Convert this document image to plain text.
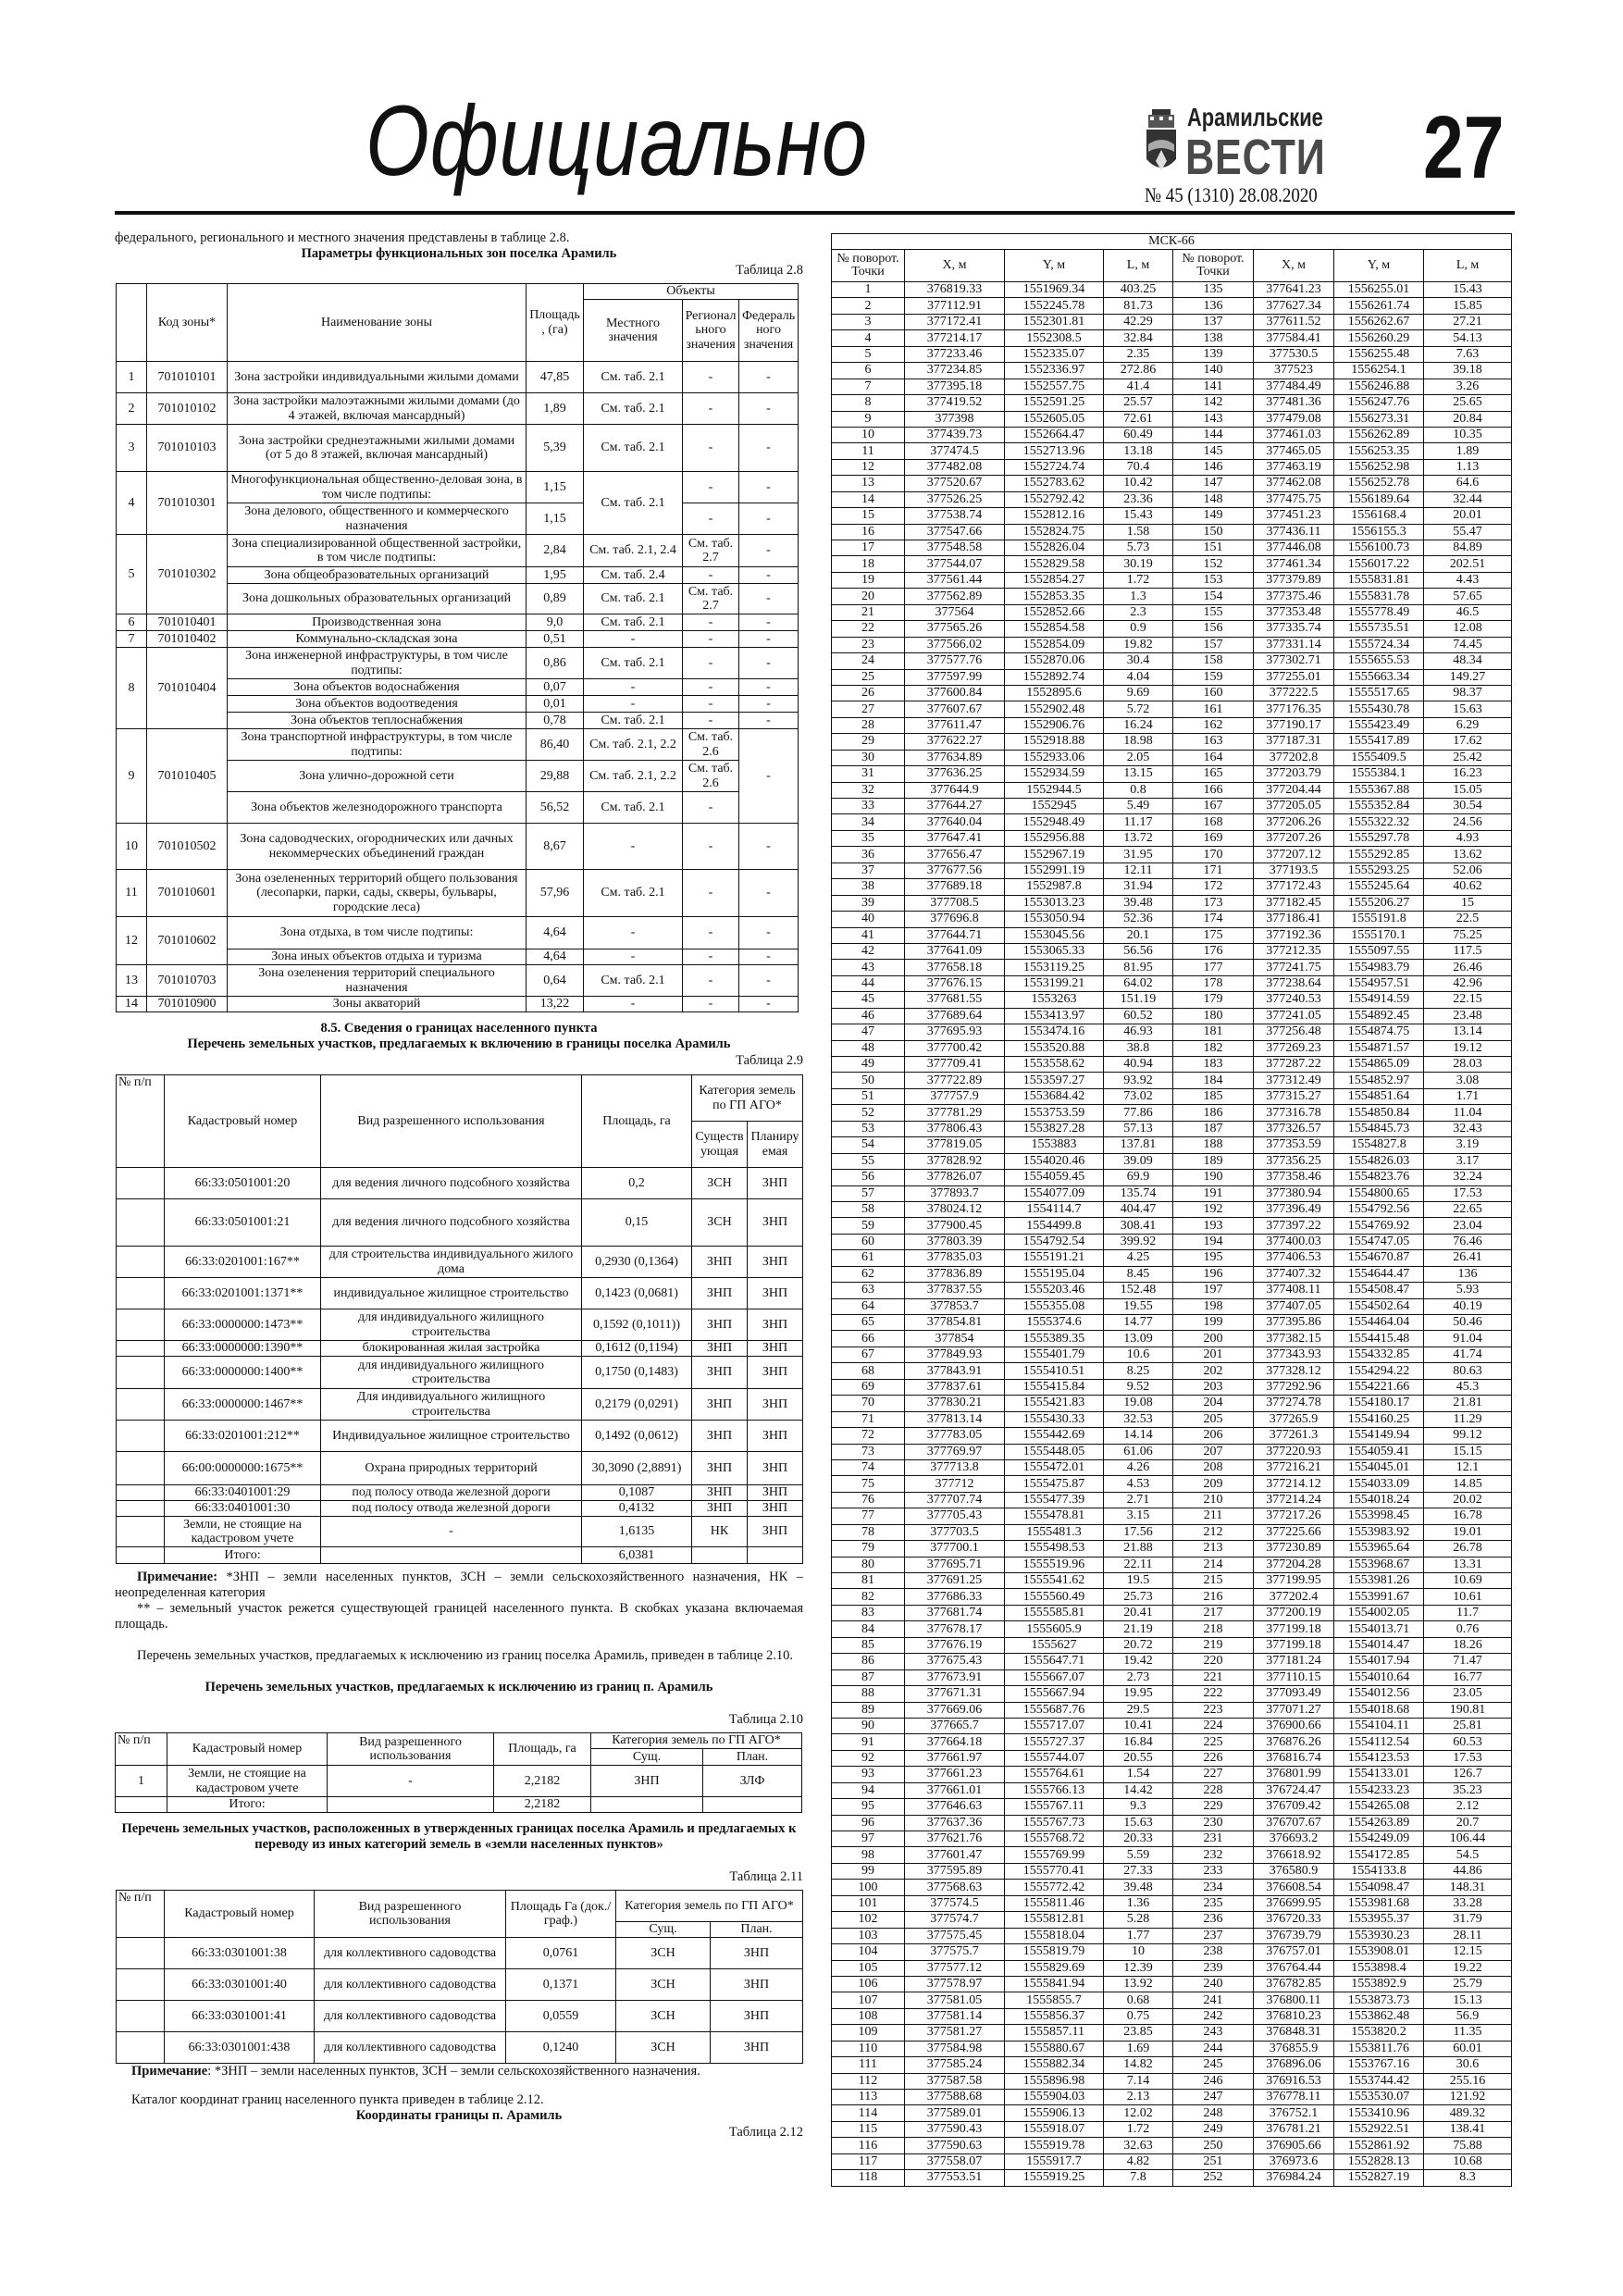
Официально	Арамильские
ВЕСТИ 27
№ 45 (1310) 28.08.2020
федерального, регионального и местного значения представлены в таблице 2.8.
Параметры функциональных зон поселка Арамиль
Таблица 2.8
	Код зоны*	Наименование зоны	Площадь, (га)	Объекты		
				Местного значения	Регионального значения	Федерального значения
1	701010101	Зона застройки индивидуальными жилыми домами	47,85	См. таб. 2.1	-	-
2	701010102	Зона застройки малоэтажными жилыми домами (до 4 этажей, включая мансардный)	1,89	См. таб. 2.1	-	-
3	701010103	Зона застройки среднеэтажными жилыми домами (от 5 до 8 этажей, включая мансардный)	5,39	См. таб. 2.1	-	-
4	701010301	Многофункциональная общественно-деловая зона, в том числе подтипы:	1,15	См. таб. 2.1	-	-
		Зона делового, общественного и коммерческого назначения	1,15		-	-
5	701010302	Зона специализированной общественной застройки, в том числе подтипы:	2,84	См. таб. 2.1, 2.4	См. таб. 2.7	-
		Зона общеобразовательных организаций	1,95	См. таб. 2.4	-	-
		Зона дошкольных образовательных организаций	0,89	См. таб. 2.1	См. таб. 2.7	-
6	701010401	Производственная зона	9,0	См. таб. 2.1	-	-
7	701010402	Коммунально-складская зона	0,51	-	-	-
8	701010404	Зона инженерной инфраструктуры, в том числе подтипы:	0,86	См. таб. 2.1	-	-
		Зона объектов водоснабжения	0,07	-	-	-
		Зона объектов водоотведения	0,01	-	-	-
		Зона объектов теплоснабжения	0,78	См. таб. 2.1	-	-
9	701010405	Зона транспортной инфраструктуры, в том числе подтипы:	86,40	См. таб. 2.1, 2.2	См. таб. 2.6	-
		Зона улично-дорожной сети	29,88	См. таб. 2.1, 2.2	См. таб. 2.6	
		Зона объектов железнодорожного транспорта	56,52	См. таб. 2.1	-	
10	701010502	Зона садоводческих, огороднических или дачных некоммерческих объединений граждан	8,67	-	-	-
11	701010601	Зона озелененных территорий общего пользования (лесопарки, парки, сады, скверы, бульвары, городские леса)	57,96	См. таб. 2.1	-	-
12	701010602	Зона отдыха, в том числе подтипы:	4,64	-	-	-
		Зона иных объектов отдыха и туризма	4,64	-	-	-
13	701010703	Зона озеленения территорий специального назначения	0,64	См. таб. 2.1	-	-
14	701010900	Зоны акваторий	13,22	-	-	-
8.5. Сведения о границах населенного пункта
Перечень земельных участков, предлагаемых к включению в границы поселка Арамиль
Таблица 2.9
№ п/п	Кадастровый номер	Вид разрешенного использования	Площадь, га	Категория земель по ГП АГО*	
				Существующая	Планируемая
	66:33:0501001:20	для ведения личного подсобного хозяйства	0,2	ЗСН	ЗНП
	66:33:0501001:21	для ведения личного подсобного хозяйства	0,15	ЗСН	ЗНП
	66:33:0201001:167**	для строительства индивидуального жилого дома	0,2930 (0,1364)	ЗНП	ЗНП
	66:33:0201001:1371**	индивидуальное жилищное строительство	0,1423 (0,0681)	ЗНП	ЗНП
	66:33:0000000:1473**	для индивидуального жилищного строительства	0,1592 (0,1011))	ЗНП	ЗНП
	66:33:0000000:1390**	блокированная жилая застройка	0,1612 (0,1194)	ЗНП	ЗНП
	66:33:0000000:1400**	для индивидуального жилищного строительства	0,1750 (0,1483)	ЗНП	ЗНП
	66:33:0000000:1467**	Для индивидуального жилищного строительства	0,2179 (0,0291)	ЗНП	ЗНП
	66:33:0201001:212**	Индивидуальное жилищное строительство	0,1492 (0,0612)	ЗНП	ЗНП
	66:00:0000000:1675**	Охрана природных территорий	30,3090 (2,8891)	ЗНП	ЗНП
	66:33:0401001:29	под полосу отвода железной дороги	0,1087	ЗНП	ЗНП
	66:33:0401001:30	под полосу отвода железной дороги	0,4132	ЗНП	ЗНП
	Земли, не стоящие на кадастровом учете	-	1,6135	НК	ЗНП
	Итого:		6,0381		
Примечание: *ЗНП – земли населенных пунктов, ЗСН – земли сельскохозяйственного назначения, НК – неопределенная категория
** – земельный участок режется существующей границей населенного пункта. В скобках указана включаемая площадь.
Перечень земельных участков, предлагаемых к исключению из границ поселка Арамиль, приведен в таблице 2.10.
Перечень земельных участков, предлагаемых к исключению из границ п. Арамиль
Таблица 2.10
№ п/п	Кадастровый номер	Вид разрешенного использования	Площадь, га	Категория земель по ГП АГО*	
				Сущ.	План.
1	Земли, не стоящие на кадастровом учете	-	2,2182	ЗНП	ЗЛФ
	Итого:		2,2182		
Перечень земельных участков, расположенных в утвержденных границах поселка Арамиль и предлагаемых к переводу из иных категорий земель в «земли населенных пунктов»
Таблица 2.11
№ п/п	Кадастровый номер	Вид разрешенного использования	Площадь Га (док./граф.)	Категория земель по ГП АГО*	
				Сущ.	План.
	66:33:0301001:38	для коллективного садоводства	0,0761	ЗСН	ЗНП
	66:33:0301001:40	для коллективного садоводства	0,1371	ЗСН	ЗНП
	66:33:0301001:41	для коллективного садоводства	0,0559	ЗСН	ЗНП
	66:33:0301001:438	для коллективного садоводства	0,1240	ЗСН	ЗНП
Примечание: *ЗНП – земли населенных пунктов, ЗСН – земли сельскохозяйственного назначения.
Каталог координат границ населенного пункта приведен в таблице 2.12.
Координаты границы п. Арамиль
Таблица 2.12
МСК-66							
№ поворот. Точки	X, м	Y, м	L, м	№ поворот. Точки	X, м	Y, м	L, м
1	376819.33	1551969.34	403.25	135	377641.23	1556255.01	15.43
2	377112.91	1552245.78	81.73	136	377627.34	1556261.74	15.85
3	377172.41	1552301.81	42.29	137	377611.52	1556262.67	27.21
4	377214.17	1552308.5	32.84	138	377584.41	1556260.29	54.13
5	377233.46	1552335.07	2.35	139	377530.5	1556255.48	7.63
6	377234.85	1552336.97	272.86	140	377523	1556254.1	39.18
7	377395.18	1552557.75	41.4	141	377484.49	1556246.88	3.26
8	377419.52	1552591.25	25.57	142	377481.36	1556247.76	25.65
9	377398	1552605.05	72.61	143	377479.08	1556273.31	20.84
10	377439.73	1552664.47	60.49	144	377461.03	1556262.89	10.35
11	377474.5	1552713.96	13.18	145	377465.05	1556253.35	1.89
12	377482.08	1552724.74	70.4	146	377463.19	1556252.98	1.13
13	377520.67	1552783.62	10.42	147	377462.08	1556252.78	64.6
14	377526.25	1552792.42	23.36	148	377475.75	1556189.64	32.44
15	377538.74	1552812.16	15.43	149	377451.23	1556168.4	20.01
16	377547.66	1552824.75	1.58	150	377436.11	1556155.3	55.47
17	377548.58	1552826.04	5.73	151	377446.08	1556100.73	84.89
18	377544.07	1552829.58	30.19	152	377461.34	1556017.22	202.51
19	377561.44	1552854.27	1.72	153	377379.89	1555831.81	4.43
20	377562.89	1552853.35	1.3	154	377375.46	1555831.78	57.65
21	377564	1552852.66	2.3	155	377353.48	1555778.49	46.5
22	377565.26	1552854.58	0.9	156	377335.74	1555735.51	12.08
23	377566.02	1552854.09	19.82	157	377331.14	1555724.34	74.45
24	377577.76	1552870.06	30.4	158	377302.71	1555655.53	48.34
25	377597.99	1552892.74	4.04	159	377255.01	1555663.34	149.27
26	377600.84	1552895.6	9.69	160	377222.5	1555517.65	98.37
27	377607.67	1552902.48	5.72	161	377176.35	1555430.78	15.63
28	377611.47	1552906.76	16.24	162	377190.17	1555423.49	6.29
29	377622.27	1552918.88	18.98	163	377187.31	1555417.89	17.62
30	377634.89	1552933.06	2.05	164	377202.8	1555409.5	25.42
31	377636.25	1552934.59	13.15	165	377203.79	1555384.1	16.23
32	377644.9	1552944.5	0.8	166	377204.44	1555367.88	15.05
33	377644.27	1552945	5.49	167	377205.05	1555352.84	30.54
34	377640.04	1552948.49	11.17	168	377206.26	1555322.32	24.56
35	377647.41	1552956.88	13.72	169	377207.26	1555297.78	4.93
36	377656.47	1552967.19	31.95	170	377207.12	1555292.85	13.62
37	377677.56	1552991.19	12.11	171	377193.5	1555293.25	52.06
38	377689.18	1552987.8	31.94	172	377172.43	1555245.64	40.62
39	377708.5	1553013.23	39.48	173	377182.45	1555206.27	15
40	377696.8	1553050.94	52.36	174	377186.41	1555191.8	22.5
41	377644.71	1553045.56	20.1	175	377192.36	1555170.1	75.25
42	377641.09	1553065.33	56.56	176	377212.35	1555097.55	117.5
43	377658.18	1553119.25	81.95	177	377241.75	1554983.79	26.46
44	377676.15	1553199.21	64.02	178	377238.64	1554957.51	42.96
45	377681.55	1553263	151.19	179	377240.53	1554914.59	22.15
46	377689.64	1553413.97	60.52	180	377241.05	1554892.45	23.48
47	377695.93	1553474.16	46.93	181	377256.48	1554874.75	13.14
48	377700.42	1553520.88	38.8	182	377269.23	1554871.57	19.12
49	377709.41	1553558.62	40.94	183	377287.22	1554865.09	28.03
50	377722.89	1553597.27	93.92	184	377312.49	1554852.97	3.08
51	377757.9	1553684.42	73.02	185	377315.27	1554851.64	1.71
52	377781.29	1553753.59	77.86	186	377316.78	1554850.84	11.04
53	377806.43	1553827.28	57.13	187	377326.57	1554845.73	32.43
54	377819.05	1553883	137.81	188	377353.59	1554827.8	3.19
55	377828.92	1554020.46	39.09	189	377356.25	1554826.03	3.17
56	377826.07	1554059.45	69.9	190	377358.46	1554823.76	32.24
57	377893.7	1554077.09	135.74	191	377380.94	1554800.65	17.53
58	378024.12	1554114.7	404.47	192	377396.49	1554792.56	22.65
59	377900.45	1554499.8	308.41	193	377397.22	1554769.92	23.04
60	377803.39	1554792.54	399.92	194	377400.03	1554747.05	76.46
61	377835.03	1555191.21	4.25	195	377406.53	1554670.87	26.41
62	377836.89	1555195.04	8.45	196	377407.32	1554644.47	136
63	377837.55	1555203.46	152.48	197	377408.11	1554508.47	5.93
64	377853.7	1555355.08	19.55	198	377407.05	1554502.64	40.19
65	377854.81	1555374.6	14.77	199	377395.86	1554464.04	50.46
66	377854	1555389.35	13.09	200	377382.15	1554415.48	91.04
67	377849.93	1555401.79	10.6	201	377343.93	1554332.85	41.74
68	377843.91	1555410.51	8.25	202	377328.12	1554294.22	80.63
69	377837.61	1555415.84	9.52	203	377292.96	1554221.66	45.3
70	377830.21	1555421.83	19.08	204	377274.78	1554180.17	21.81
71	377813.14	1555430.33	32.53	205	377265.9	1554160.25	11.29
72	377783.05	1555442.69	14.14	206	377261.3	1554149.94	99.12
73	377769.97	1555448.05	61.06	207	377220.93	1554059.41	15.15
74	377713.8	1555472.01	4.26	208	377216.21	1554045.01	12.1
75	377712	1555475.87	4.53	209	377214.12	1554033.09	14.85
76	377707.74	1555477.39	2.71	210	377214.24	1554018.24	20.02
77	377705.43	1555478.81	3.15	211	377217.26	1553998.45	16.78
78	377703.5	1555481.3	17.56	212	377225.66	1553983.92	19.01
79	377700.1	1555498.53	21.88	213	377230.89	1553965.64	26.78
80	377695.71	1555519.96	22.11	214	377204.28	1553968.67	13.31
81	377691.25	1555541.62	19.5	215	377199.95	1553981.26	10.69
82	377686.33	1555560.49	25.73	216	377202.4	1553991.67	10.61
83	377681.74	1555585.81	20.41	217	377200.19	1554002.05	11.7
84	377678.17	1555605.9	21.19	218	377199.18	1554013.71	0.76
85	377676.19	1555627	20.72	219	377199.18	1554014.47	18.26
86	377675.43	1555647.71	19.42	220	377181.24	1554017.94	71.47
87	377673.91	1555667.07	2.73	221	377110.15	1554010.64	16.77
88	377671.31	1555667.94	19.95	222	377093.49	1554012.56	23.05
89	377669.06	1555687.76	29.5	223	377071.27	1554018.68	190.81
90	377665.7	1555717.07	10.41	224	376900.66	1554104.11	25.81
91	377664.18	1555727.37	16.84	225	376876.26	1554112.54	60.53
92	377661.97	1555744.07	20.55	226	376816.74	1554123.53	17.53
93	377661.23	1555764.61	1.54	227	376801.99	1554133.01	126.7
94	377661.01	1555766.13	14.42	228	376724.47	1554233.23	35.23
95	377646.63	1555767.11	9.3	229	376709.42	1554265.08	2.12
96	377637.36	1555767.73	15.63	230	376707.67	1554263.89	20.7
97	377621.76	1555768.72	20.33	231	376693.2	1554249.09	106.44
98	377601.47	1555769.99	5.59	232	376618.92	1554172.85	54.5
99	377595.89	1555770.41	27.33	233	376580.9	1554133.8	44.86
100	377568.63	1555772.42	39.48	234	376608.54	1554098.47	148.31
101	377574.5	1555811.46	1.36	235	376699.95	1553981.68	33.28
102	377574.7	1555812.81	5.28	236	376720.33	1553955.37	31.79
103	377575.45	1555818.04	1.77	237	376739.79	1553930.23	28.11
104	377575.7	1555819.79	10	238	376757.01	1553908.01	12.15
105	377577.12	1555829.69	12.39	239	376764.44	1553898.4	19.22
106	377578.97	1555841.94	13.92	240	376782.85	1553892.9	25.79
107	377581.05	1555855.7	0.68	241	376800.11	1553873.73	15.13
108	377581.14	1555856.37	0.75	242	376810.23	1553862.48	56.9
109	377581.27	1555857.11	23.85	243	376848.31	1553820.2	11.35
110	377584.98	1555880.67	1.69	244	376855.9	1553811.76	60.01
111	377585.24	1555882.34	14.82	245	376896.06	1553767.16	30.6
112	377587.58	1555896.98	7.14	246	376916.53	1553744.42	255.16
113	377588.68	1555904.03	2.13	247	376778.11	1553530.07	121.92
114	377589.01	1555906.13	12.02	248	376752.1	1553410.96	489.32
115	377590.43	1555918.07	1.72	249	376781.21	1552922.51	138.41
116	377590.63	1555919.78	32.63	250	376905.66	1552861.92	75.88
117	377558.07	1555917.7	4.82	251	376973.6	1552828.13	10.68
118	377553.51	1555919.25	7.8	252	376984.24	1552827.19	8.3
